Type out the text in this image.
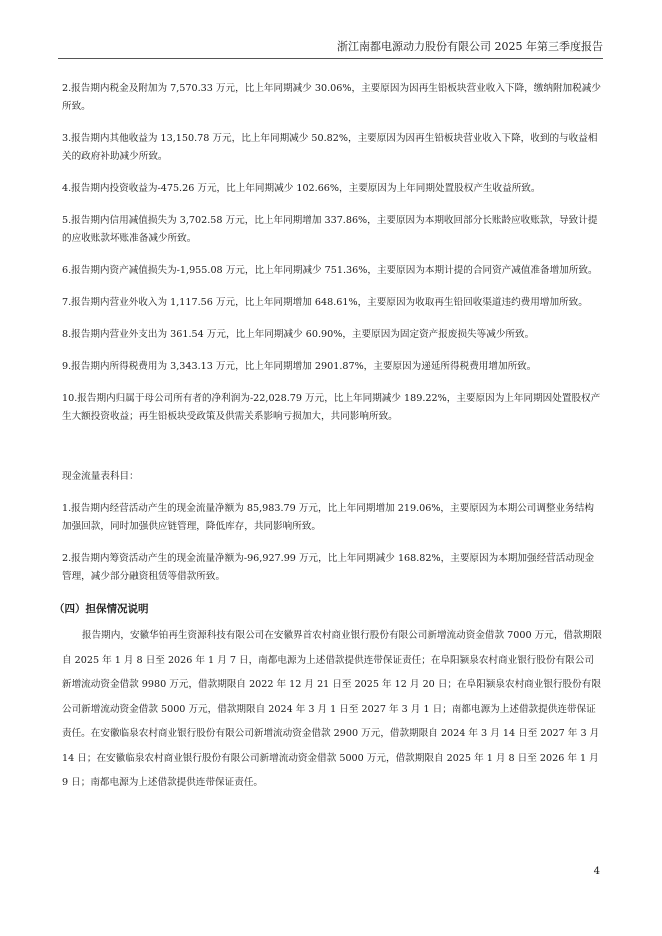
浙江南都电源动力股份有限公司 2025 年第三季度报告

2.报告期内税金及附加为 7,570.33 万元，比上年同期减少 30.06%，主要原因为因再生铅板块营业收入下降，缴纳附加税减少所致。

3.报告期内其他收益为 13,150.78 万元，比上年同期减少 50.82%，主要原因为因再生铅板块营业收入下降，收到的与收益相关的政府补助减少所致。

4.报告期内投资收益为-475.26 万元，比上年同期减少 102.66%，主要原因为上年同期处置股权产生收益所致。

5.报告期内信用减值损失为 3,702.58 万元，比上年同期增加 337.86%，主要原因为本期收回部分长账龄应收账款，导致计提的应收账款坏账准备减少所致。

6.报告期内资产减值损失为-1,955.08 万元，比上年同期减少 751.36%，主要原因为本期计提的合同资产减值准备增加所致。

7.报告期内营业外收入为 1,117.56 万元，比上年同期增加 648.61%，主要原因为收取再生铅回收渠道违约费用增加所致。

8.报告期内营业外支出为 361.54 万元，比上年同期减少 60.90%，主要原因为固定资产报废损失等减少所致。

9.报告期内所得税费用为 3,343.13 万元，比上年同期增加 2901.87%，主要原因为递延所得税费用增加所致。

10.报告期内归属于母公司所有者的净利润为-22,028.79 万元，比上年同期减少 189.22%，主要原因为上年同期因处置股权产生大额投资收益；再生铅板块受政策及供需关系影响亏损加大，共同影响所致。

现金流量表科目：

1.报告期内经营活动产生的现金流量净额为 85,983.79 万元，比上年同期增加 219.06%，主要原因为本期公司调整业务结构加强回款，同时加强供应链管理，降低库存，共同影响所致。

2.报告期内筹资活动产生的现金流量净额为-96,927.99 万元，比上年同期减少 168.82%，主要原因为本期加强经营活动现金管理，减少部分融资租赁等借款所致。

（四）担保情况说明

报告期内，安徽华铂再生资源科技有限公司在安徽界首农村商业银行股份有限公司新增流动资金借款 7000 万元，借款期限自 2025 年 1 月 8 日至 2026 年 1 月 7 日，南都电源为上述借款提供连带保证责任；在阜阳颍泉农村商业银行股份有限公司新增流动资金借款 9980 万元，借款期限自 2022 年 12 月 21 日至 2025 年 12 月 20 日；在阜阳颍泉农村商业银行股份有限公司新增流动资金借款 5000 万元，借款期限自 2024 年 3 月 1 日至 2027 年 3 月 1 日；南都电源为上述借款提供连带保证责任。在安徽临泉农村商业银行股份有限公司新增流动资金借款 2900 万元，借款期限自 2024 年 3 月 14 日至 2027 年 3 月 14 日；在安徽临泉农村商业银行股份有限公司新增流动资金借款 5000 万元，借款期限自 2025 年 1 月 8 日至 2026 年 1 月 9 日；南都电源为上述借款提供连带保证责任。

4
